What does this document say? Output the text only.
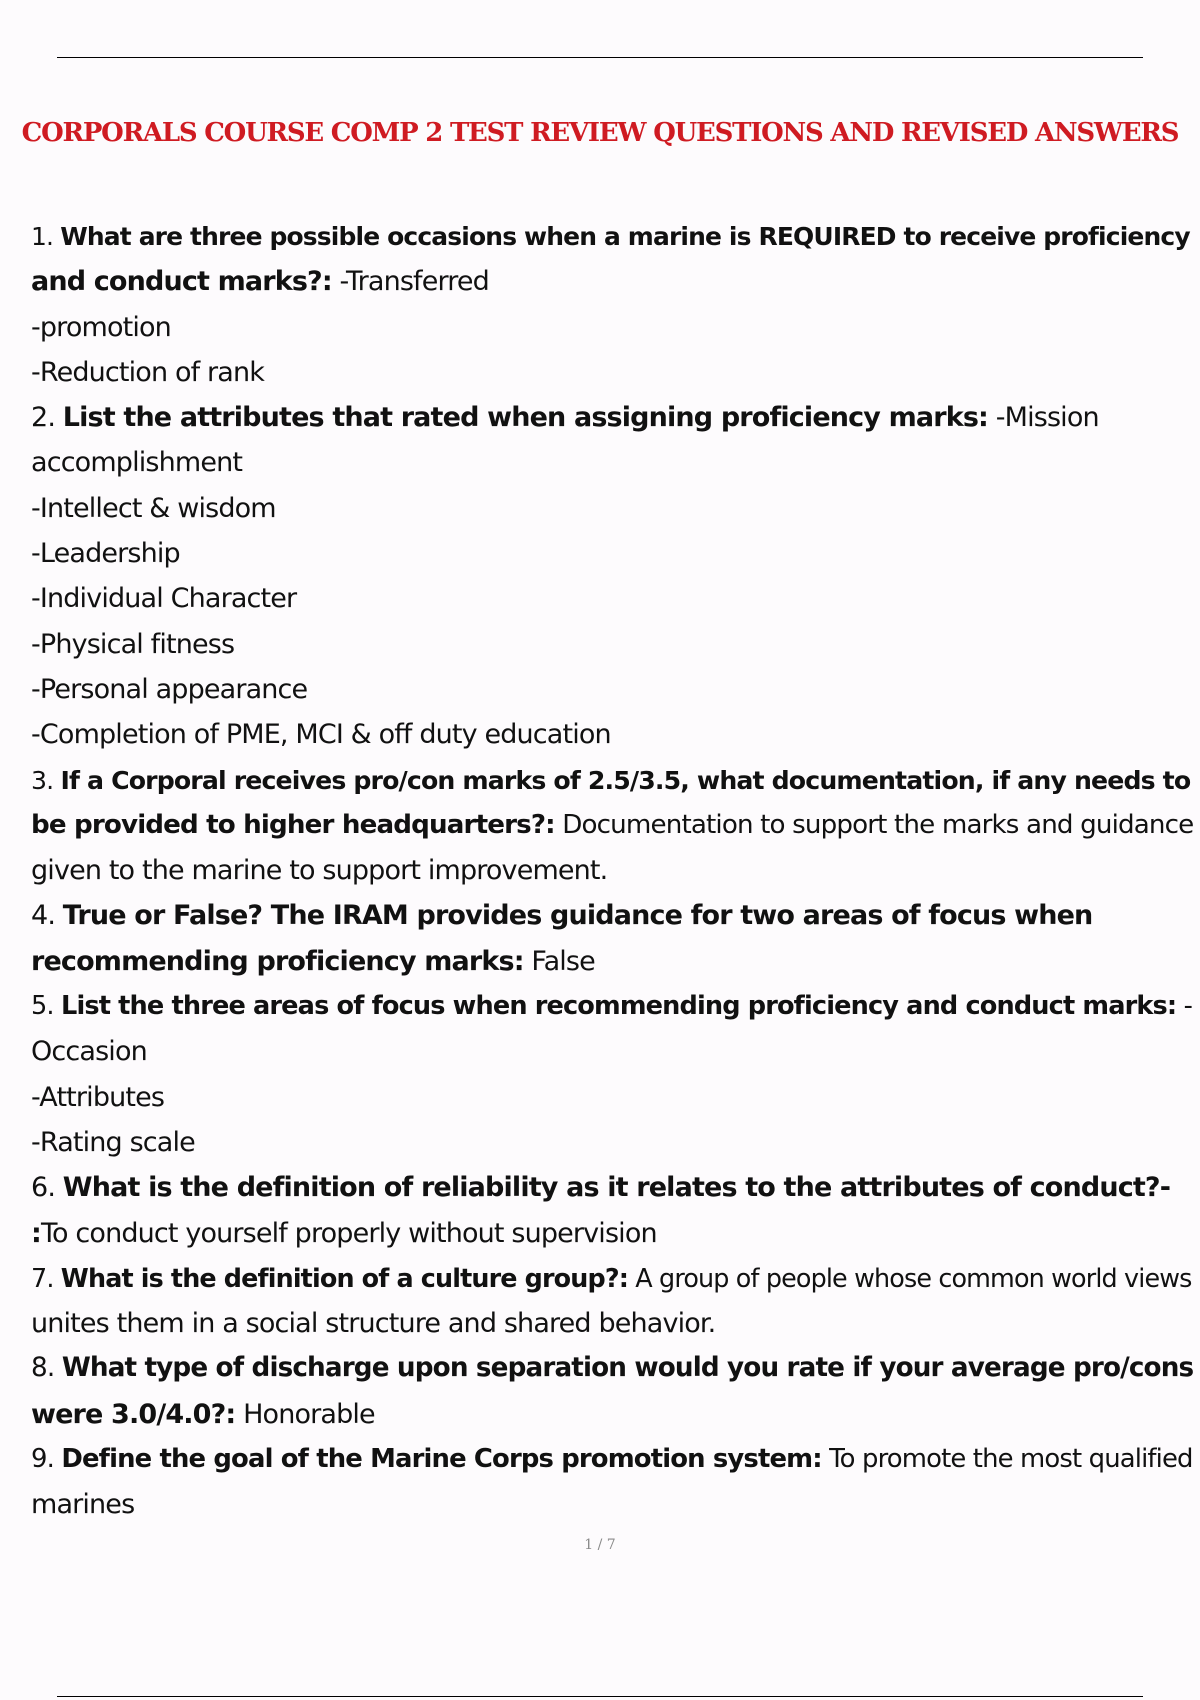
CORPORALS COURSE COMP 2 TEST REVIEW QUESTIONS AND REVISED ANSWERS
1. What are three possible occasions when a marine is REQUIRED to receive proficiency
and conduct marks?: -Transferred
-promotion
-Reduction of rank
2. List the attributes that rated when assigning proficiency marks: -Mission
accomplishment
-Intellect & wisdom
-Leadership
-Individual Character
-Physical fitness
-Personal appearance
-Completion of PME, MCI & off duty education
3. If a Corporal receives pro/con marks of 2.5/3.5, what documentation, if any needs to
be provided to higher headquarters?: Documentation to support the marks and guidance
given to the marine to support improvement.
4. True or False? The IRAM provides guidance for two areas of focus when
recommending proficiency marks: False
5. List the three areas of focus when recommending proficiency and conduct marks: -
Occasion
-Attributes
-Rating scale
6. What is the definition of reliability as it relates to the attributes of conduct?-
:To conduct yourself properly without supervision
7. What is the definition of a culture group?: A group of people whose common world views
unites them in a social structure and shared behavior.
8. What type of discharge upon separation would you rate if your average pro/cons
were 3.0/4.0?: Honorable
9. Define the goal of the Marine Corps promotion system: To promote the most qualified
marines
1 / 7
